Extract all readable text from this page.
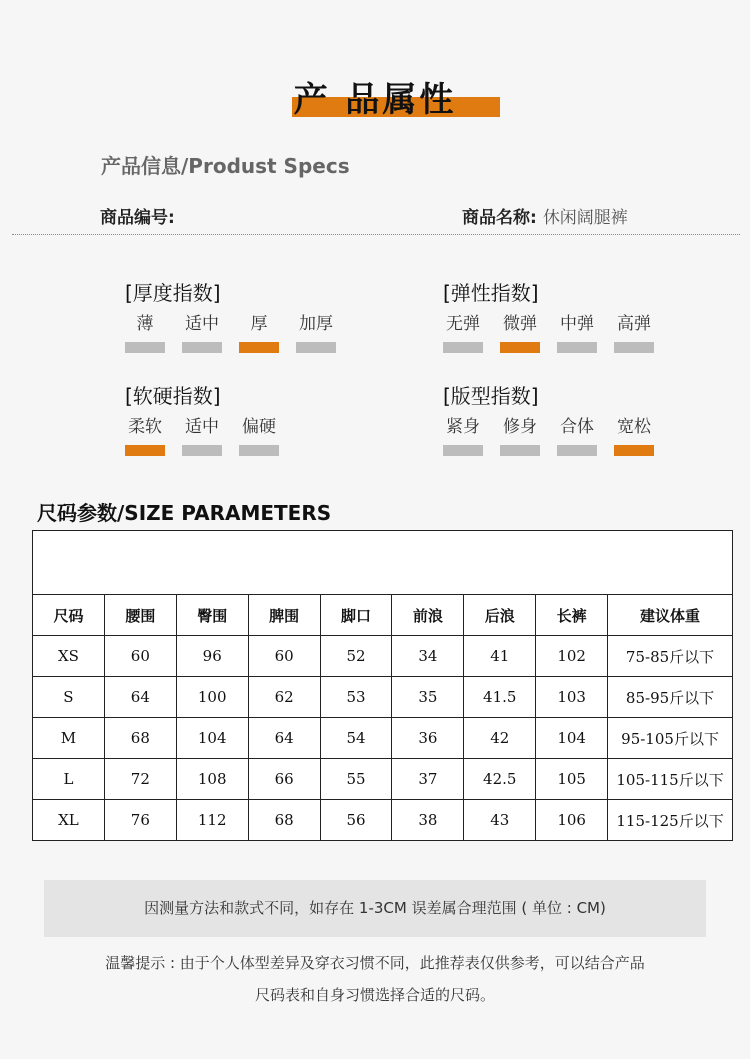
产 品属性
产品信息/Produst Specs
商品编号:	商品名称: 休闲阔腿裤
[厚度指数]
薄	适中	厚	加厚
[弹性指数]
无弹 微弹 中弹 高弹
[软硬指数]
柔软 适中 偏硬
[版型指数]
紧身 修身 合体 宽松
尺码参数/SIZE PARAMETERS

尺码	腰围	臀围	脾围	脚口	前浪	后浪	长裤	建议体重
XS	60	96	60	52	34	41	102	75-85斤以下
S	64	100	62	53	35	41.5	103	85-95斤以下
M	68	104	64	54	36	42	104	95-105斤以下
L	72	108	66	55	37	42.5	105	105-115斤以下
XL	76	112	68	56	38	43	106	115-125斤以下
因测量方法和款式不同，如存在 1-3CM 误差属合理范围 ( 单位 : CM)
温馨提示 : 由于个人体型差异及穿衣习惯不同，此推荐表仅供参考，可以结合产品
尺码表和自身习惯选择合适的尺码。
